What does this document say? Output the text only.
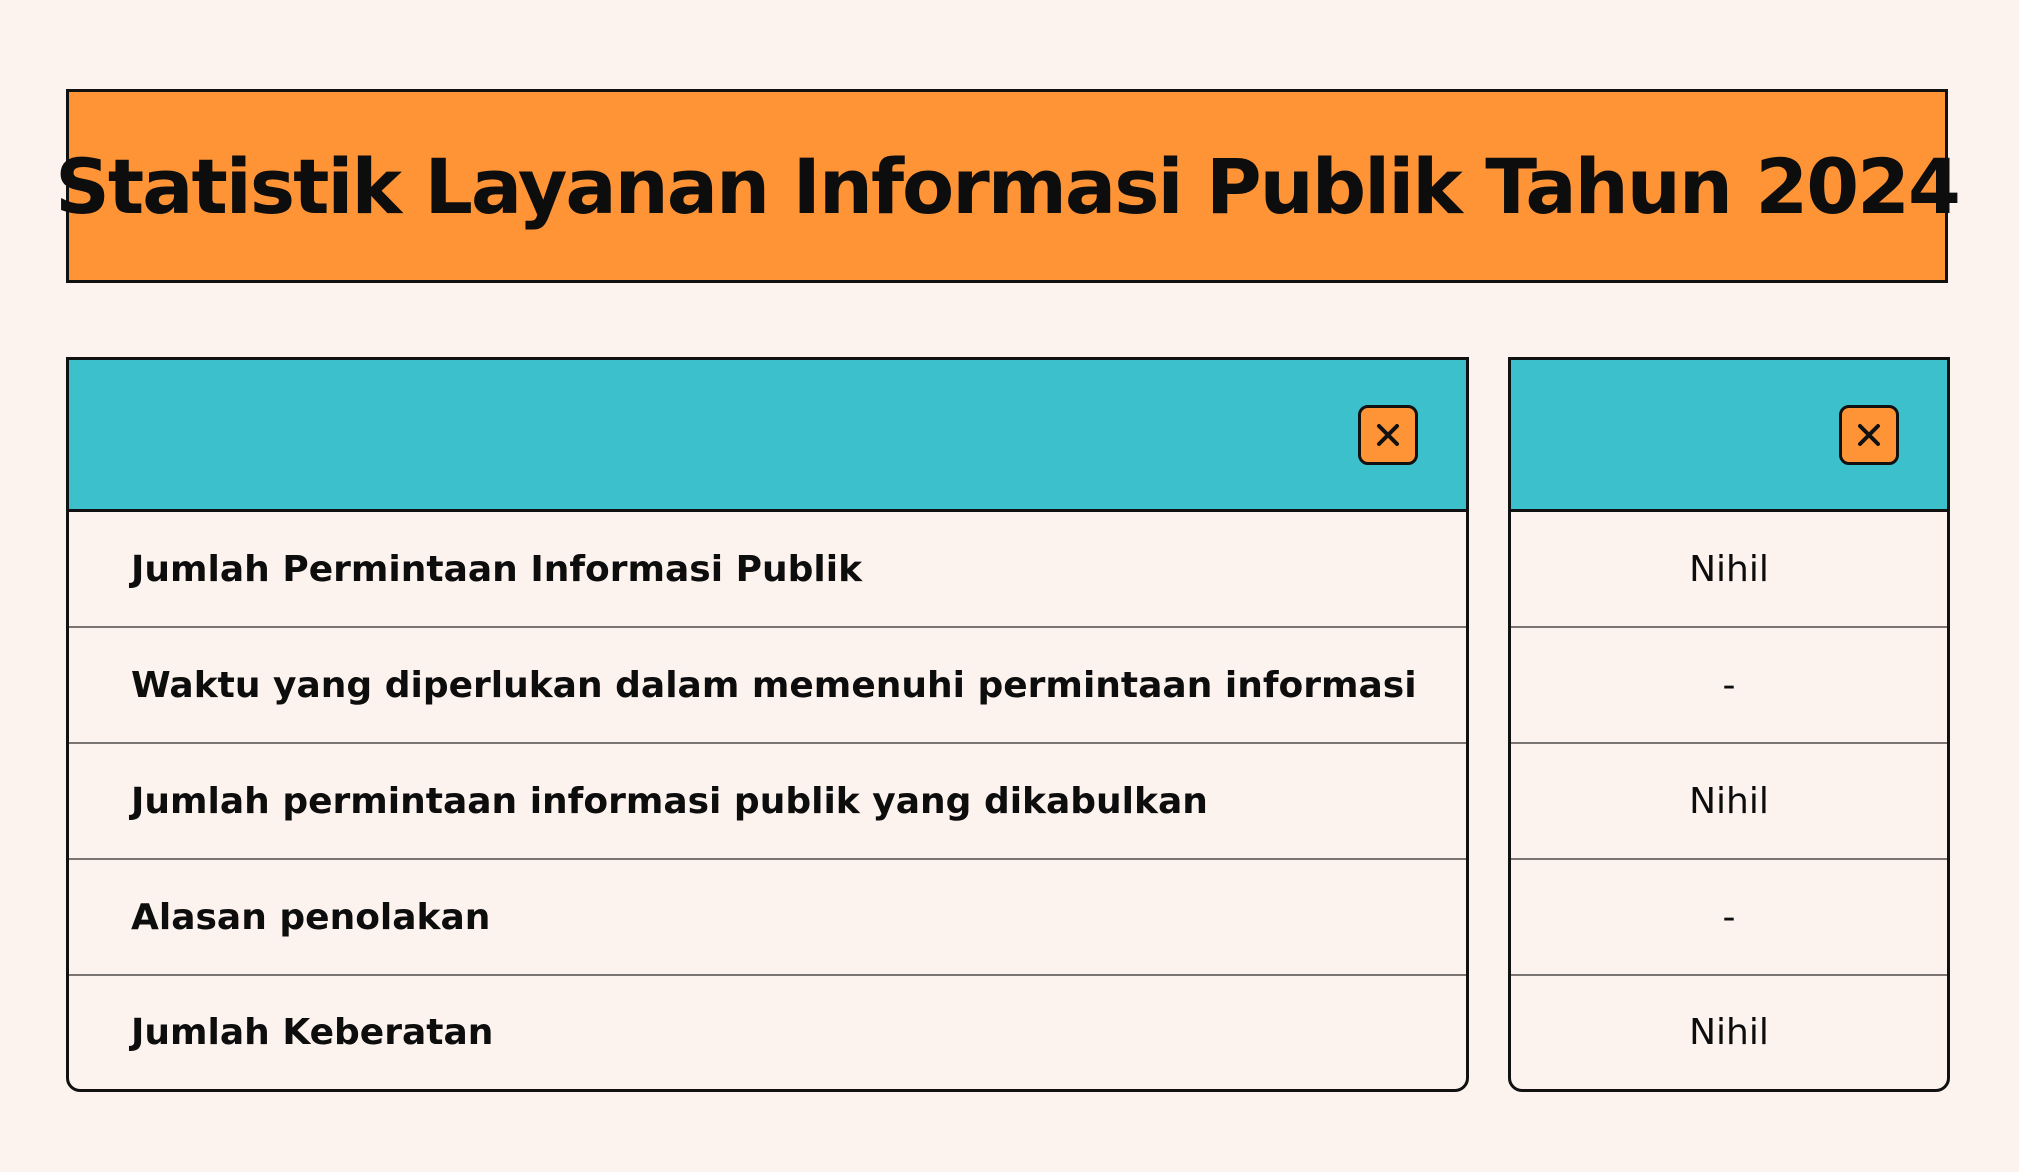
Statistik Layanan Informasi Publik Tahun 2024
Jumlah Permintaan Informasi Publik
Waktu yang diperlukan dalam memenuhi permintaan informasi
Jumlah permintaan informasi publik yang dikabulkan
Alasan penolakan
Jumlah Keberatan
Nihil
-
Nihil
-
Nihil
